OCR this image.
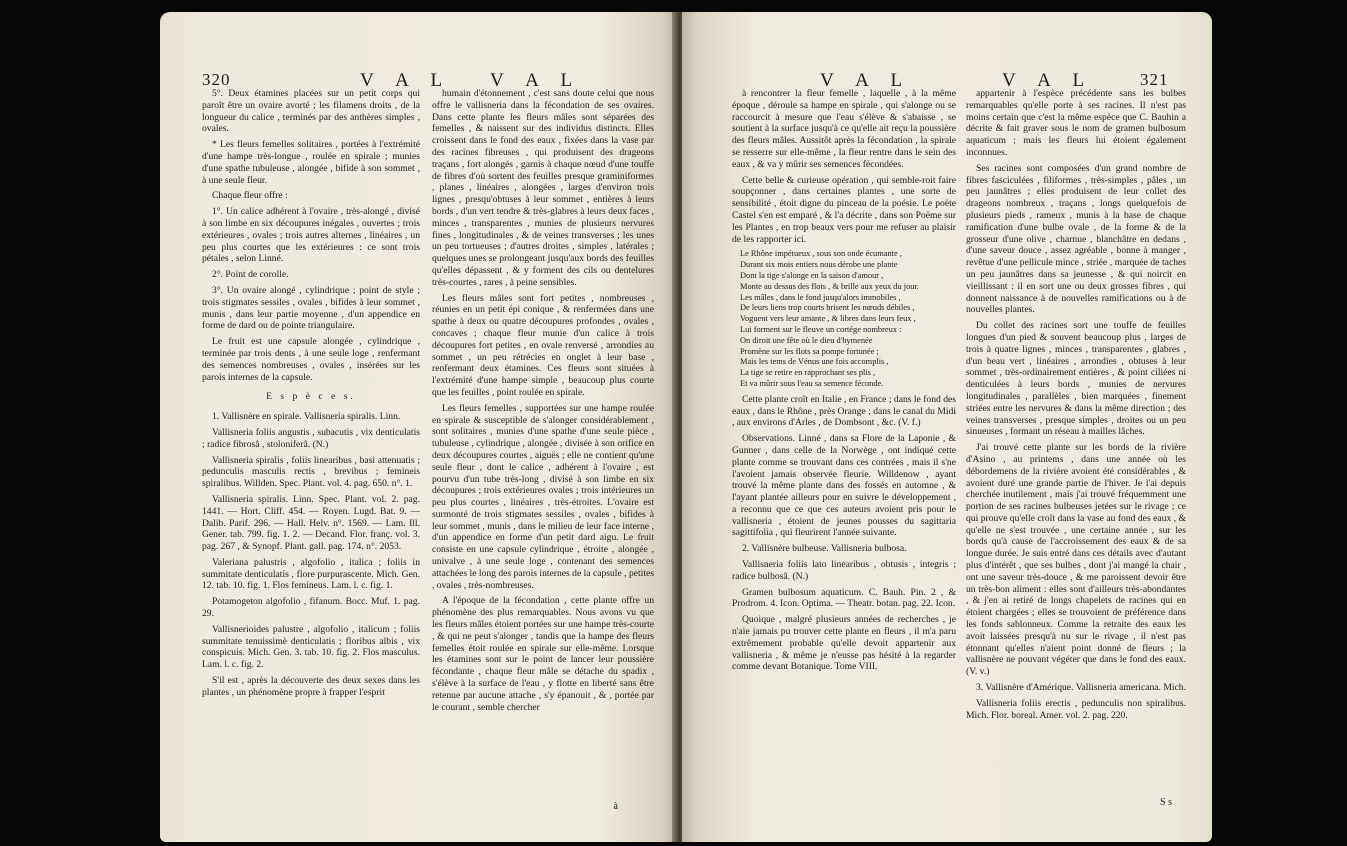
320	V A L V A L

5°. Deux étamines placées sur un petit corps qui paroît être un ovaire avorté ; les filamens droits , de la longueur du calice , terminés par des anthères simples , ovales.

* Les fleurs femelles solitaires , portées à l'extrémité d'une hampe très-longue , roulée en spirale ; munies d'une spathe tubuleuse , alongée , bifide à son sommet , à une seule fleur.

Chaque fleur offre :

1°. Un calice adhérent à l'ovaire , très-alongé , divisé à son limbe en six découpures inégales , ouvertes ; trois extérieures , ovales ; trois autres alternes , linéaires , un peu plus courtes que les extérieures : ce sont trois pétales , selon Linné.

2°. Point de corolle.

3°. Un ovaire alongé , cylindrique ; point de style ; trois stigmates sessiles , ovales , bifides à leur sommet , munis , dans leur partie moyenne , d'un appendice en forme de dard ou de pointe triangulaire.

Le fruit est une capsule alongée , cylindrique , terminée par trois dents , à une seule loge , renfermant des semences nombreuses , ovales , insérées sur les parois internes de la capsule.

E s p è c e s.

1. Vallisnère en spirale. Vallisneria spiralis. Linn.

Vallisneria foliis angustis , subacutis , vix denticulatis ; radice fibrosâ , stoloniferâ. (N.)

Vallisneria spiralis , foliis linearibus , basi attenuatis ; pedunculis masculis rectis , brevibus ; femineis spiralibus. Willden. Spec. Plant. vol. 4. pag. 650. n°. 1.

Vallisneria spiralis. Linn. Spec. Plant. vol. 2. pag. 1441. — Hort. Cliff. 454. — Royen. Lugd. Bat. 9. — Dalib. Parif. 296. — Hall. Helv. n°. 1569. — Lam. Ill. Gener. tab. 799. fig. 1. 2. — Decand. Flor. franç. vol. 3. pag. 267 , & Synopf. Plant. gall. pag. 174. n°. 2053.

Valeriana palustris , algofolio , italica ; foliis in summitate denticulatis , flore purpurascente. Mich. Gen. 12. tab. 10. fig. 1. Flos femineus. Lam. l. c. fig. 1.

Potamogeton algofolio , fifanum. Bocc. Muf. 1. pag. 29.

Vallisnerioides palustre , algofolio , italicum ; foliis summitate tenuissimè denticulatis ; floribus albis , vix conspicuis. Mich. Gen. 3. tab. 10. fig. 2. Flos masculus. Lam. l. c. fig. 2.

S'il est , après la découverte des deux sexes dans les plantes , un phénomène propre à frapper l'esprit

humain d'étonnement , c'est sans doute celui que nous offre le vallisneria dans la fécondation de ses ovaires. Dans cette plante les fleurs mâles sont séparées des femelles , & naissent sur des individus distincts. Elles croissent dans le fond des eaux , fixées dans la vase par des racines fibreuses , qui produisent des drageons traçans , fort alongés , garnis à chaque nœud d'une touffe de fibres d'où sortent des feuilles presque graminiformes , planes , linéaires , alongées , larges d'environ trois lignes , presqu'obtuses à leur sommet , entières à leurs bords , d'un vert tendre & très-glabres à leurs deux faces , minces , transparentes , munies de plusieurs nervures fines , longitudinales , & de veines transverses ; les unes un peu tortueuses ; d'autres droites , simples , latérales ; quelques unes se prolongeant jusqu'aux bords des feuilles qu'elles dépassent , & y forment des cils ou dentelures très-courtes , rares , à peine sensibles.

Les fleurs mâles sont fort petites , nombreuses , réunies en un petit épi conique , & renfermées dans une spathe à deux ou quatre découpures profondes , ovales , concaves ; chaque fleur munie d'un calice à trois découpures fort petites , en ovale renversé , arrondies au sommet , un peu rétrécies en onglet à leur base , renfermant deux étamines. Ces fleurs sont situées à l'extrémité d'une hampe simple , beaucoup plus courte que les feuilles , point roulée en spirale.

Les fleurs femelles , supportées sur une hampe roulée en spirale & susceptible de s'alonger considérablement , sont solitaires , munies d'une spathe d'une seule pièce , tubuleuse , cylindrique , alongée , divisée à son orifice en deux découpures courtes , aiguës ; elle ne contient qu'une seule fleur , dont le calice , adhérent à l'ovaire , est pourvu d'un tube très-long , divisé à son limbe en six découpures ; trois extérieures ovales ; trois intérieures un peu plus courtes , linéaires , très-étroites. L'ovaire est surmonté de trois stigmates sessiles , ovales , bifides à leur sommet , munis , dans le milieu de leur face interne , d'un appendice en forme d'un petit dard aigu. Le fruit consiste en une capsule cylindrique , étroite , alongée , univalve , à une seule loge , contenant des semences attachées le long des parois internes de la capsule , petites , ovales , très-nombreuses.

A l'époque de la fécondation , cette plante offre un phénomène des plus remarquables. Nous avons vu que les fleurs mâles étoient portées sur une hampe très-courte , & qui ne peut s'alonger , tandis que la hampe des fleurs femelles étoit roulée en spirale sur elle-même. Lorsque les étamines sont sur le point de lancer leur poussière fécondante , chaque fleur mâle se détache du spadix , s'élève à la surface de l'eau , y flotte en liberté sans être retenue par aucune attache , s'y épanouit , & , portée par le courant , semble chercher

à
V A L	V A L	321

à rencontrer la fleur femelle , laquelle , à la même époque , déroule sa hampe en spirale , qui s'alonge ou se raccourcit à mesure que l'eau s'élève & s'abaisse , se soutient à la surface jusqu'à ce qu'elle ait reçu la poussière des fleurs mâles. Aussitôt après la fécondation , la spirale se resserre sur elle-même , la fleur rentre dans le sein des eaux , & va y mûrir ses semences fécondées.

Cette belle & curieuse opération , qui semble-roit faire soupçonner , dans certaines plantes , une sorte de sensibilité , étoit digne du pinceau de la poésie. Le poëte Castel s'en est emparé , & l'a décrite , dans son Poëme sur les Plantes , en trop beaux vers pour me refuser au plaisir de les rapporter ici.

Le Rhône impétueux , sous son onde écumante ,
Durant six mois entiers nous dérobe une plante
Dont la tige s'alonge en la saison d'amour ,
Monte au dessus des flots , & brille aux yeux du jour.
Les mâles , dans le fond jusqu'alors immobiles ,
De leurs liens trop courts brisent les nœuds débiles ,
Voguent vers leur amante , & libres dans leurs feux ,
Lui forment sur le fleuve un cortége nombreux :
On diroit une fête où le dieu d'hymenée
Promène sur les flots sa pompe fortunée ;
Mais les tems de Vénus une fois accomplis ,
La tige se retire en rapprochant ses plis ,
Et va mûrir sous l'eau sa semence féconde.

Cette plante croît en Italie , en France ; dans le fond des eaux , dans le Rhône , près Orange ; dans le canal du Midi , aux environs d'Arles , de Dombsont , &c. (V. f.)

Observations. Linné , dans sa Flore de la Laponie , & Gunner , dans celle de la Norwège , ont indiqué cette plante comme se trouvant dans ces contrées , mais il s'ne l'avoient jamais observée fleurie. Willdenow , ayant trouvé la même plante dans des fossés en automne , & l'ayant plantée ailleurs pour en suivre le développement , a reconnu que ce que ces auteurs avoient pris pour le vallisneria , étoient de jeunes pousses du sagittaria sagittifolia , qui fleurirent l'année suivante.

2. Vallisnère bulbeuse. Vallisneria bulbosa.

Vallisneria foliis lato linearibus , obtusis , integris ; radice bulbosâ. (N.)

Gramen bulbosum aquaticum. C. Bauh. Pin. 2 , & Prodrom. 4. Icon. Optima. — Theatr. botan. pag. 22. Icon.

Quoique , malgré plusieurs années de recherches , je n'aie jamais pu trouver cette plante en fleurs , il m'a paru extrêmement probable qu'elle devoit appartenir aux vallisneria , & même je n'eusse pas hésité à la regarder comme devant Botanique. Tome VIII.

appartenir à l'espèce précédente sans les bulbes remarquables qu'elle porte à ses racines. Il n'est pas moins certain que c'est la même espèce que C. Bauhin a décrite & fait graver sous le nom de gramen bulbosum aquaticum ; mais les fleurs lui étoient également inconnues.

Ses racines sont composées d'un grand nombre de fibres fasciculées , filiformes , très-simples , pâles , un peu jaunâtres ; elles produisent de leur collet des drageons nombreux , traçans , longs quelquefois de plusieurs pieds , rameux , munis à la base de chaque ramification d'une bulbe ovale , de la forme & de la grosseur d'une olive , charnue , blanchâtre en dedans , d'une saveur douce , assez agréable , bonne à manger , revêtue d'une pellicule mince , striée , marquée de taches un peu jaunâtres dans sa jeunesse , & qui noircit en vieillissant : il en sort une ou deux grosses fibres , qui donnent naissance à de nouvelles ramifications ou à de nouvelles plantes.

Du collet des racines sort une touffe de feuilles longues d'un pied & souvent beaucoup plus , larges de trois à quatre lignes , minces , transparentes , glabres , d'un beau vert , linéaires , arrondies , obtuses à leur sommet , très-ordinairement entières , & point ciliées ni denticulées à leurs bords , munies de nervures longitudinales , parallèles , bien marquées , finement striées entre les nervures & dans la même direction ; des veines transverses , presque simples , droites ou un peu sinueuses , formant un réseau à mailles lâches.

J'ai trouvé cette plante sur les bords de la rivière d'Asino , au printems , dans une année où les débordemens de la rivière avoient été considérables , & avoient duré une grande partie de l'hiver. Je l'ai depuis cherchée inutilement , mais j'ai trouvé fréquemment une portion de ses racines bulbeuses jetées sur le rivage ; ce qui prouve qu'elle croît dans la vase au fond des eaux , & qu'elle ne s'est trouvée , une certaine année , sur les bords qu'à cause de l'accroissement des eaux & de sa longue durée. Je suis entré dans ces détails avec d'autant plus d'intérêt , que ses bulbes , dont j'ai mangé la chair , ont une saveur très-douce , & me paroissent devoir être un très-bon aliment : elles sont d'ailleurs très-abondantes , & j'en ai retiré de longs chapelets de racines qui en étoient chargées ; elles se trouvoient de préférence dans les fonds sablonneux. Comme la retraite des eaux les avoit laissées presqu'à nu sur le rivage , il n'est pas étonnant qu'elles n'aient point donné de fleurs ; la vallisnère ne pouvant végéter que dans le fond des eaux. (V. v.)

3. Vallisnère d'Amérique. Vallisneria americana. Mich.

Vallisneria foliis erectis , pedunculis non spiralibus. Mich. Flor. boreal. Amer. vol. 2. pag. 220.

S s
